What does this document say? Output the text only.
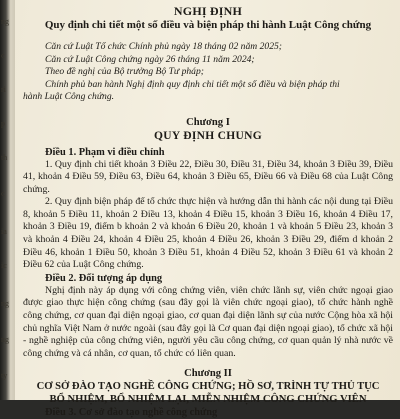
ng
c
ri
p
th
c
ia
ic
ng
ng
ty

NGHỊ ĐỊNH

Quy định chi tiết một số điều và biện pháp thi hành Luật Công chứng

Căn cứ Luật Tổ chức Chính phủ ngày 18 tháng 02 năm 2025;

Căn cứ Luật Công chứng ngày 26 tháng 11 năm 2024;

Theo đề nghị của Bộ trưởng Bộ Tư pháp;

Chính phủ ban hành Nghị định quy định chi tiết một số điều và biện pháp thi

hành Luật Công chứng.

Chương I

QUY ĐỊNH CHUNG

Điều 1. Phạm vi điều chỉnh

1. Quy định chi tiết khoản 3 Điều 22, Điều 30, Điều 31, Điều 34, khoản 3 Điều 39, Điều 41, khoản 4 Điều 59, Điều 63, Điều 64, khoản 3 Điều 65, Điều 66 và Điều 68 của Luật Công chứng.

2. Quy định biện pháp để tổ chức thực hiện và hướng dẫn thi hành các nội dung tại Điều 8, khoản 5 Điều 11, khoản 2 Điều 13, khoản 4 Điều 15, khoản 3 Điều 16, khoản 4 Điều 17, khoản 3 Điều 19, điểm b khoản 2 và khoản 6 Điều 20, khoản 1 và khoản 5 Điều 23, khoản 3 và khoản 4 Điều 24, khoản 4 Điều 25, khoản 4 Điều 26, khoản 3 Điều 29, điểm d khoản 2 Điều 46, khoản 1 Điều 50, khoản 3 Điều 51, khoản 4 Điều 52, khoản 3 Điều 61 và khoản 2 Điều 62 của Luật Công chứng.

Điều 2. Đối tượng áp dụng

Nghị định này áp dụng với công chứng viên, viên chức lãnh sự, viên chức ngoại giao được giao thực hiện công chứng (sau đây gọi là viên chức ngoại giao), tổ chức hành nghề công chứng, cơ quan đại diện ngoại giao, cơ quan đại diện lãnh sự của nước Cộng hòa xã hội chủ nghĩa Việt Nam ở nước ngoài (sau đây gọi là Cơ quan đại diện ngoại giao), tổ chức xã hội - nghề nghiệp của công chứng viên, người yêu cầu công chứng, cơ quan quản lý nhà nước về công chứng và cá nhân, cơ quan, tổ chức có liên quan.

Chương II

CƠ SỞ ĐÀO TẠO NGHỀ CÔNG CHỨNG; HỒ SƠ, TRÌNH TỰ THỦ TỤC

BỔ NHIỆM, BỔ NHIỆM LẠI, MIỄN NHIỆM CÔNG CHỨNG VIÊN

Điều 3. Cơ sở đào tạo nghề công chứng
